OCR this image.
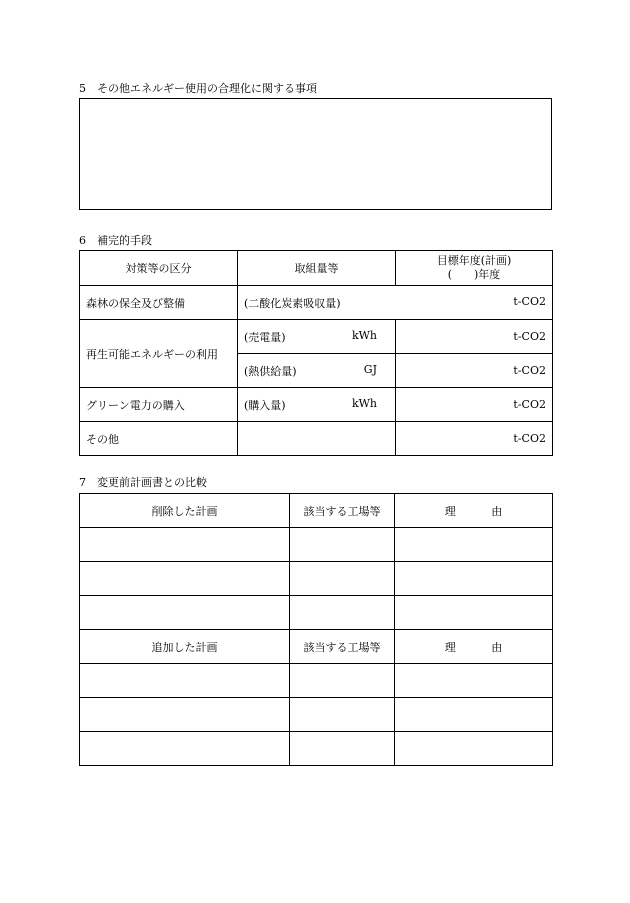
5　その他エネルギー使用の合理化に関する事項
6　補完的手段
対策等の区分	取組量等	目標年度(計画)
(　　)年度

森林の保全及び整備	(二酸化炭素吸収量) t-CO2	

再生可能エネルギーの利用	(売電量) kWh	t-CO2

	(熱供給量) GJ	t-CO2
グリーン電力の購入	(購入量) kWh	t-CO2
その他		t-CO2
7　変更前計画書との比較
削除した計画	該当する工場等	理 由

追加した計画	該当する工場等	理 由
